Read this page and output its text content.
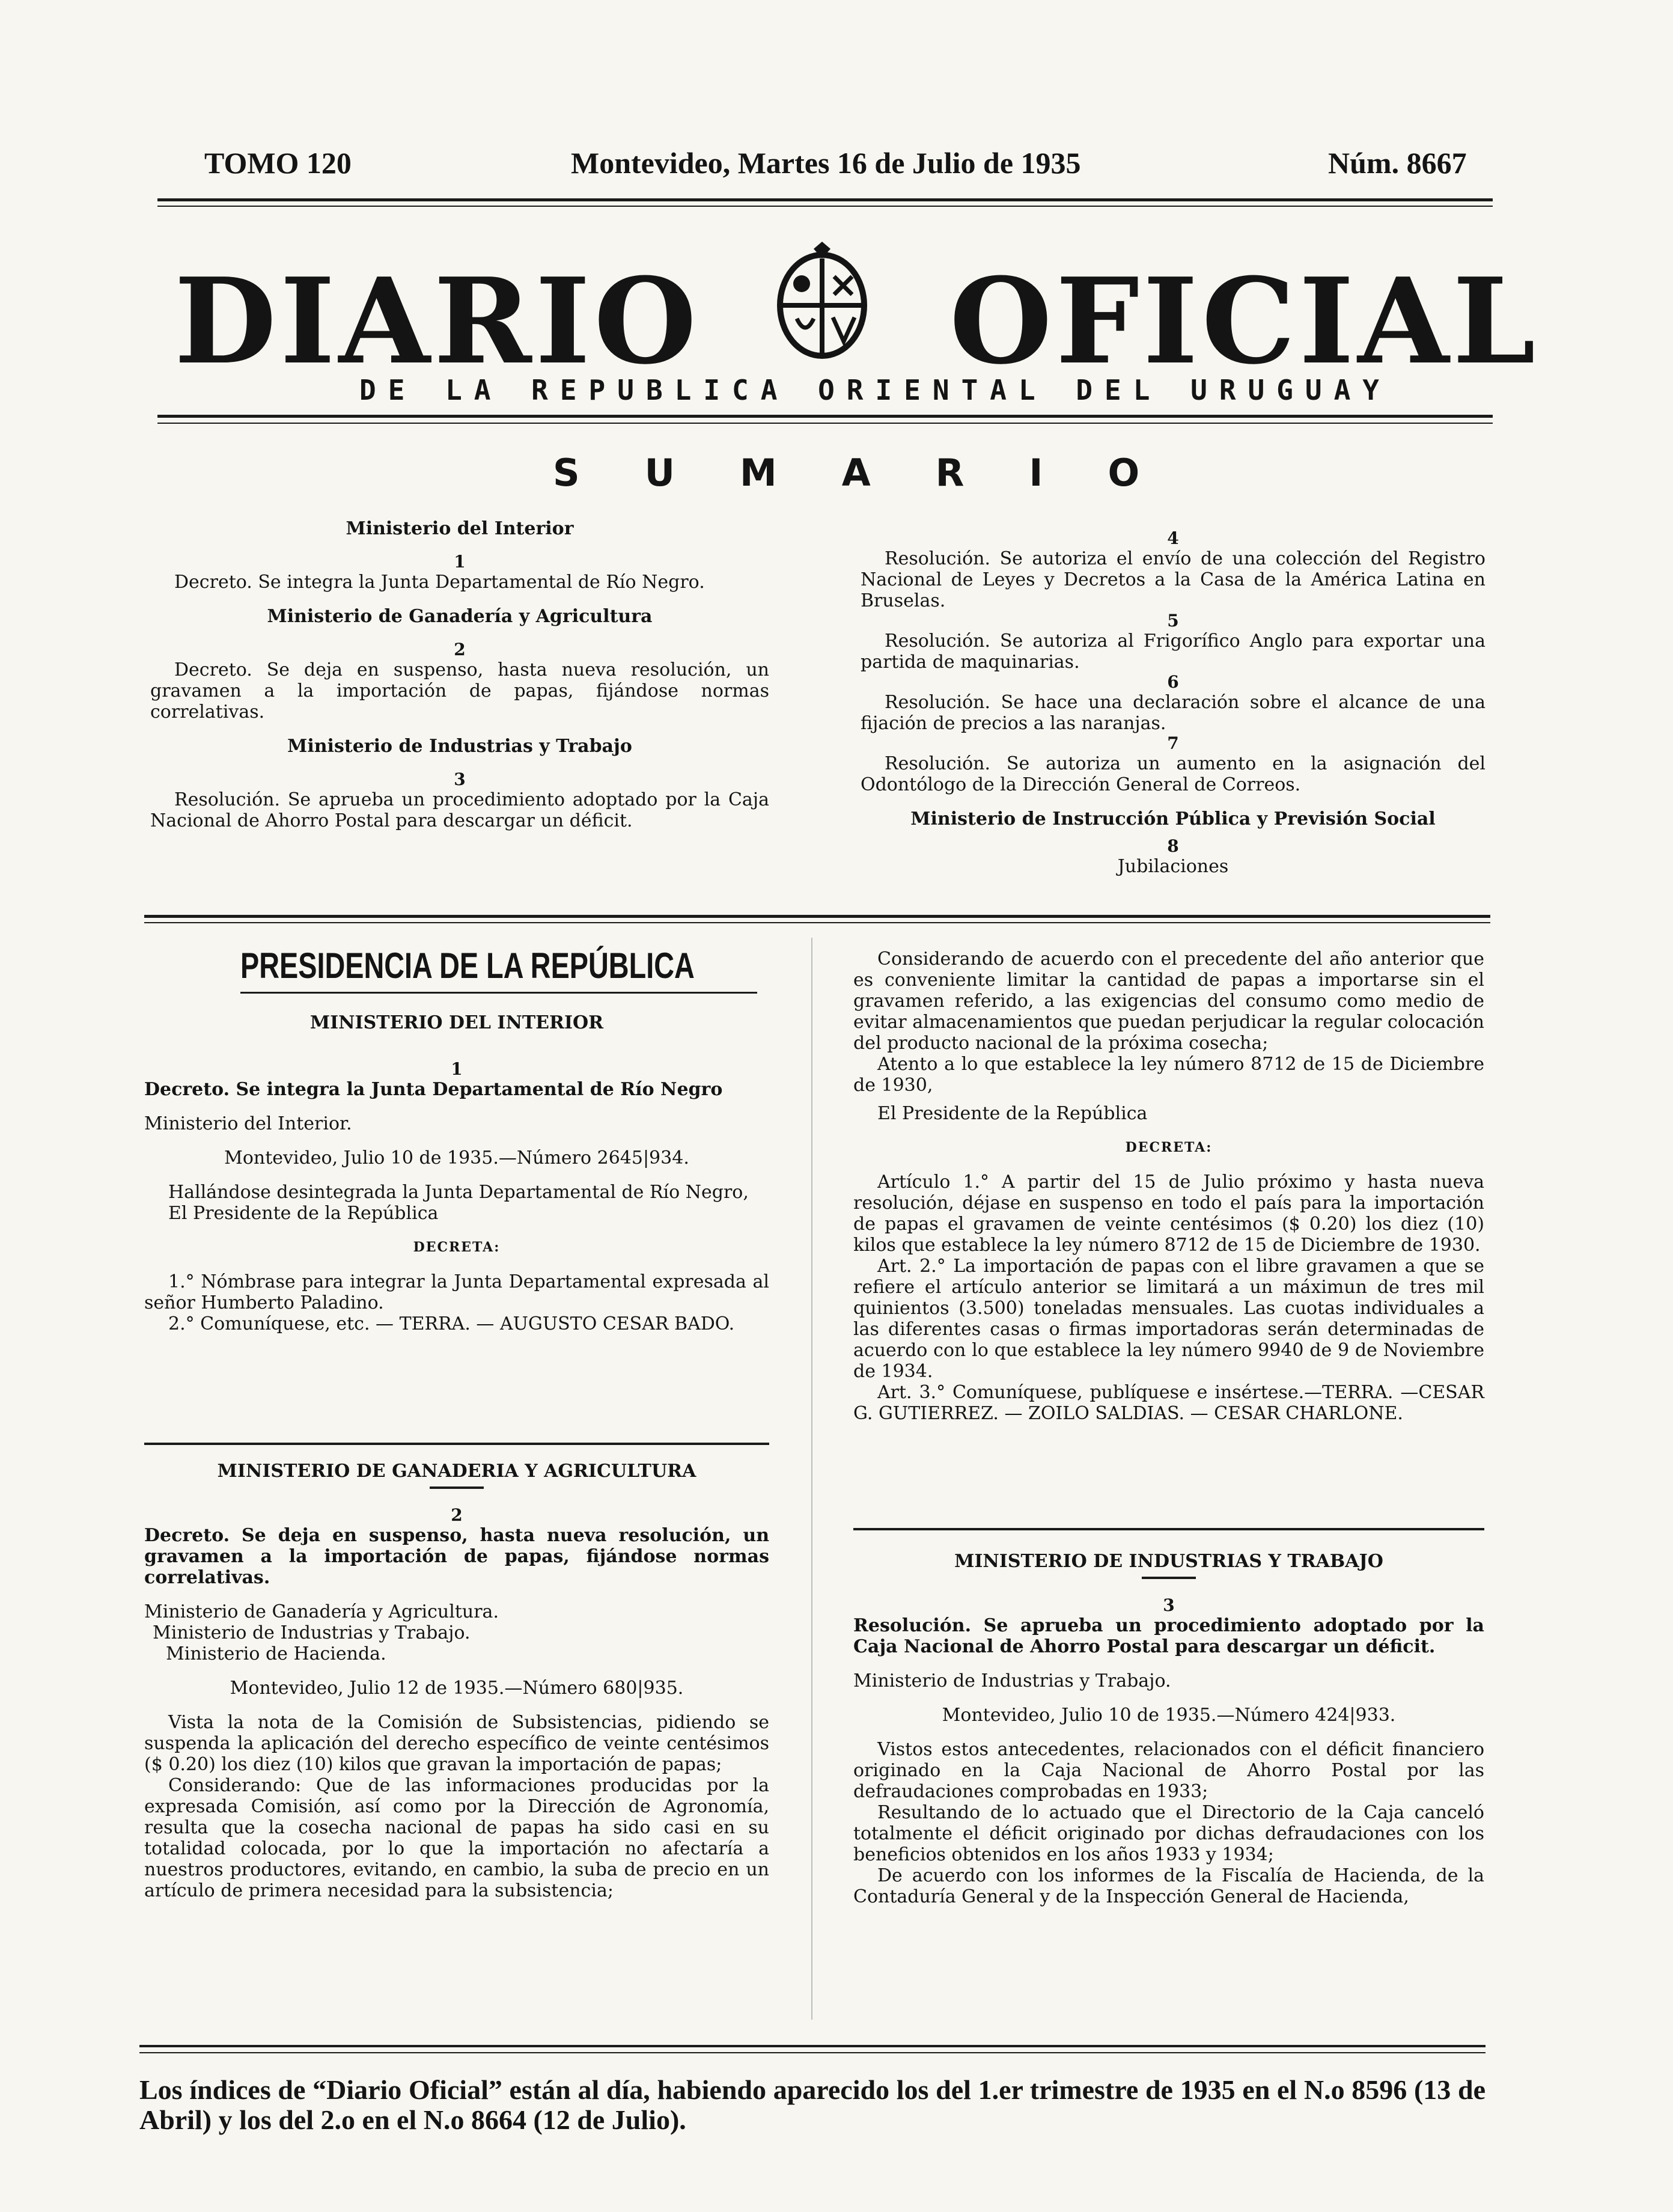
TOMO 120	Montevideo, Martes 16 de Julio de 1935	Núm. 8667
DIARIO	OFICIAL
DE LA REPUBLICA ORIENTAL DEL URUGUAY
SUMARIO

Ministerio del Interior

1

Decreto. Se integra la Junta Departamental de Río Negro.

Ministerio de Ganadería y Agricultura

2

Decreto. Se deja en suspenso, hasta nueva resolución, un gravamen a la importación de papas, fijándose normas correlativas.

Ministerio de Industrias y Trabajo

3

Resolución. Se aprueba un procedimiento adoptado por la Caja Nacional de Ahorro Postal para descargar un déficit.

4

Resolución. Se autoriza el envío de una colección del Registro Nacional de Leyes y Decretos a la Casa de la América Latina en Bruselas.

5

Resolución. Se autoriza al Frigorífico Anglo para exportar una partida de maquinarias.

6

Resolución. Se hace una declaración sobre el alcance de una fijación de precios a las naranjas.

7

Resolución. Se autoriza un aumento en la asignación del Odontólogo de la Dirección General de Correos.

Ministerio de Instrucción Pública y Previsión Social

8

Jubilaciones

PRESIDENCIA DE LA REPÚBLICA

MINISTERIO DEL INTERIOR

1

Decreto. Se integra la Junta Departamental de Río Negro

Ministerio del Interior.

Montevideo, Julio 10 de 1935.—Número 2645|934.

Hallándose desintegrada la Junta Departamental de Río Negro,

El Presidente de la República

DECRETA:

1.° Nómbrase para integrar la Junta Departamental expresada al señor Humberto Paladino.

2.° Comuníquese, etc. — TERRA. — AUGUSTO CESAR BADO.

MINISTERIO DE GANADERIA Y AGRICULTURA

2

Decreto. Se deja en suspenso, hasta nueva resolución, un gravamen a la importación de papas, fijándose normas correlativas.

Ministerio de Ganadería y Agricultura.

Ministerio de Industrias y Trabajo.

Ministerio de Hacienda.

Montevideo, Julio 12 de 1935.—Número 680|935.

Vista la nota de la Comisión de Subsistencias, pidiendo se suspenda la aplicación del derecho específico de veinte centésimos ($ 0.20) los diez (10) kilos que gravan la importación de papas;

Considerando: Que de las informaciones producidas por la expresada Comisión, así como por la Dirección de Agronomía, resulta que la cosecha nacional de papas ha sido casi en su totalidad colocada, por lo que la importación no afectaría a nuestros productores, evitando, en cambio, la suba de precio en un artículo de primera necesidad para la subsistencia;

Considerando de acuerdo con el precedente del año anterior que es conveniente limitar la cantidad de papas a importarse sin el gravamen referido, a las exigencias del consumo como medio de evitar almacenamientos que puedan perjudicar la regular colocación del producto nacional de la próxima cosecha;

Atento a lo que establece la ley número 8712 de 15 de Diciembre de 1930,

El Presidente de la República

DECRETA:

Artículo 1.° A partir del 15 de Julio próximo y hasta nueva resolución, déjase en suspenso en todo el país para la importación de papas el gravamen de veinte centésimos ($ 0.20) los diez (10) kilos que establece la ley número 8712 de 15 de Diciembre de 1930.

Art. 2.° La importación de papas con el libre gravamen a que se refiere el artículo anterior se limitará a un máximun de tres mil quinientos (3.500) toneladas mensuales. Las cuotas individuales a las diferentes casas o firmas importadoras serán determinadas de acuerdo con lo que establece la ley número 9940 de 9 de Noviembre de 1934.

Art. 3.° Comuníquese, publíquese e insértese.—TERRA. —CESAR G. GUTIERREZ. — ZOILO SALDIAS. — CESAR CHARLONE.

MINISTERIO DE INDUSTRIAS Y TRABAJO

3

Resolución. Se aprueba un procedimiento adoptado por la Caja Nacional de Ahorro Postal para descargar un déficit.

Ministerio de Industrias y Trabajo.

Montevideo, Julio 10 de 1935.—Número 424|933.

Vistos estos antecedentes, relacionados con el déficit financiero originado en la Caja Nacional de Ahorro Postal por las defraudaciones comprobadas en 1933;

Resultando de lo actuado que el Directorio de la Caja canceló totalmente el déficit originado por dichas defraudaciones con los beneficios obtenidos en los años 1933 y 1934;

De acuerdo con los informes de la Fiscalía de Hacienda, de la Contaduría General y de la Inspección General de Hacienda,

Los índices de “Diario Oficial” están al día, habiendo aparecido los del 1.er trimestre de 1935 en el N.o 8596 (13 de Abril) y los del 2.o en el N.o 8664 (12 de Julio).
